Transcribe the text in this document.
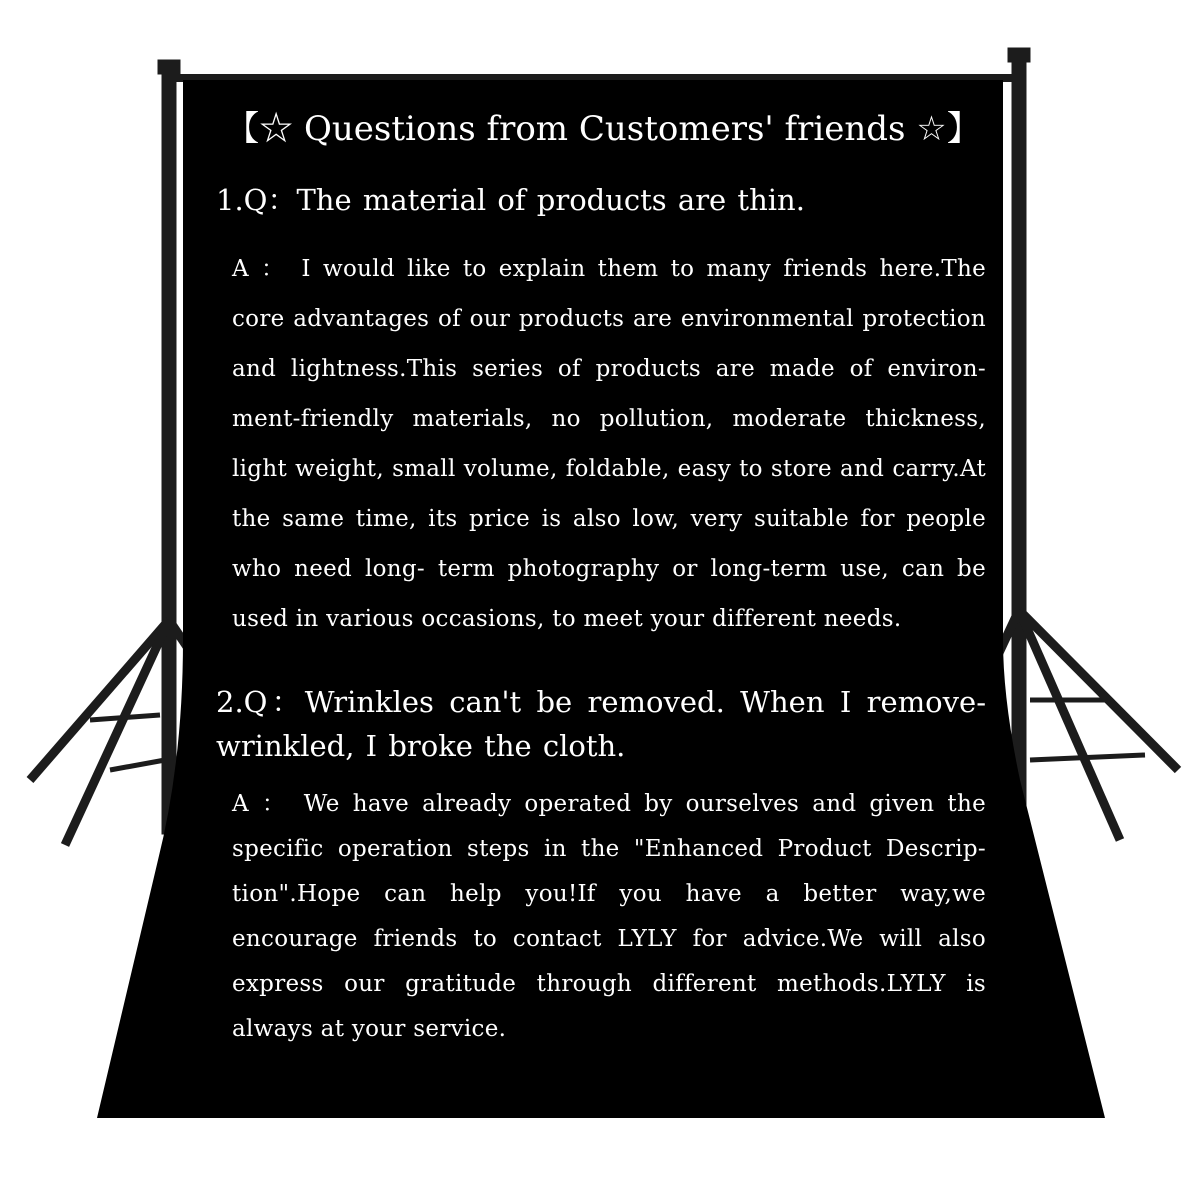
【☆ Questions from Customers' friends ☆】

1.Q：The material of products are thin.

A ： I would like to explain them to many friends here.The core advantages of our products are environmental protection and lightness.This series of products are made of environ- ment-friendly materials, no pollution, moderate thickness, light weight, small volume, foldable, easy to store and carry.At the same time, its price is also low, very suitable for people who need long- term photography or long-term use, can be used in various occasions, to meet your different needs.

2.Q：Wrinkles can't be removed. When I remove- wrinkled, I broke the cloth.

A ： We have already operated by ourselves and given the specific operation steps in the "Enhanced Product Descrip- tion".Hope can help you!If you have a better way,we encourage friends to contact LYLY for advice.We will also express our gratitude through different methods.LYLY is always at your service.
